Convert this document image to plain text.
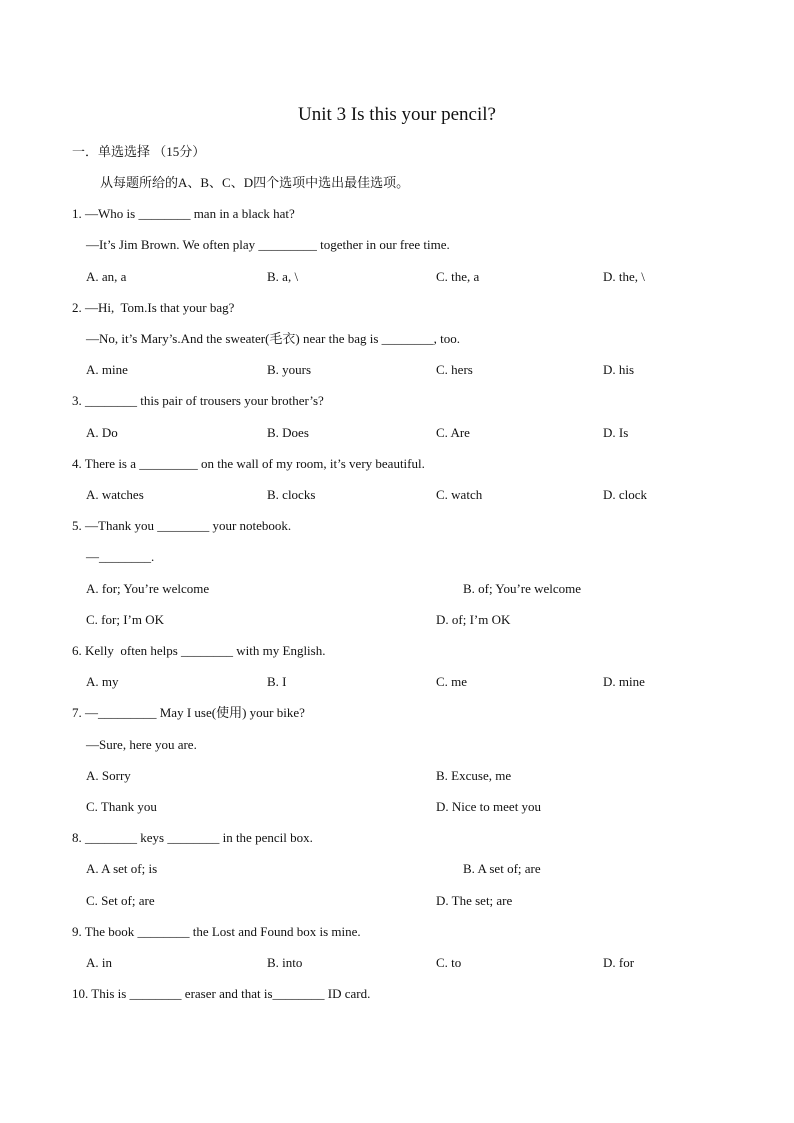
Unit 3 Is this your pencil?
一．单选选择 （15分）
从每题所给的A、B、C、D四个选项中选出最佳选项。
1. —Who is ________ man in a black hat?
—It’s Jim Brown. We often play _________ together in our free time.
A. an, a	B. a, \	C. the, a	D. the, \
2. —Hi,  Tom.Is that your bag?
—No, it’s Mary’s.And the sweater(毛衣) near the bag is ________, too.
A. mine	B. yours	C. hers	D. his
3. ________ this pair of trousers your brother’s?
A. Do	B. Does	C. Are	D. Is
4. There is a _________ on the wall of my room, it’s very beautiful.
A. watches	B. clocks	C. watch	D. clock
5. —Thank you ________ your notebook.
—________.
A. for; You’re welcome	B. of; You’re welcome
C. for; I’m OK	D. of; I’m OK
6. Kelly  often helps ________ with my English.
A. my	B. I	C. me	D. mine
7. —_________ May I use(使用) your bike?
—Sure, here you are.
A. Sorry	B. Excuse, me
C. Thank you	D. Nice to meet you
8. ________ keys ________ in the pencil box.
A. A set of; is	B. A set of; are
C. Set of; are	D. The set; are
9. The book ________ the Lost and Found box is mine.
A. in	B. into	C. to	D. for
10. This is ________ eraser and that is________ ID card.
